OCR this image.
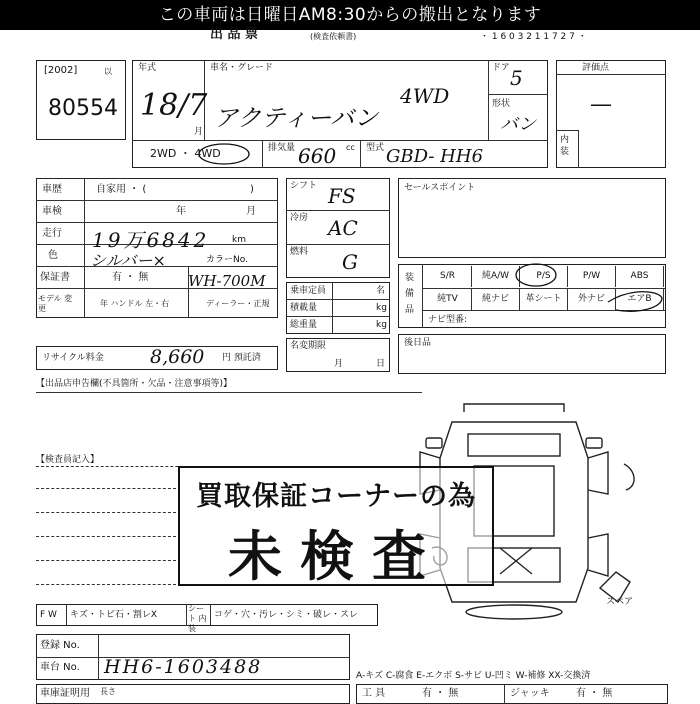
この車両は日曜日AM8:30からの搬出となります
出 品 票	(検査依頼書)	・ 1 6 0 3 2 1 1 7 2 7 ・
[2002]	以
80554
年式
18/7
月
車名・グレード
アクティーバン
4WD
ドア 5
形状
バン
2WD ・ 4WD	排気量 660 cc 型式 GBD- HH6
評価点
—
内装
車歴	自家用 ・ (	)
車検	年	月
走行 19万6842	km
色 シルバー×	カラーNo.
保証書	有 ・ 無	WH-700M
モデル 変更
年 ハンドル 左・右	ディーラー・正規
リサイクル料金 8,660 円 預託済
シフト FS
冷房 AC
燃料 G
乗車定員	名
積載量	kg
総重量	kg
名変期限
月	日
セールスポイント
装備品
S/R	純A/W	P/S	P/W	ABS
純TV	純ナビ	革シート	外ナビ	エアB
ナビ型番:
後日品
【出品店申告欄(不具箇所・欠品・注意事項等)】
【検査員記入】
スペア
買取保証コーナーの為
未検査
F W キズ・トビ石・割レX
シート 内装
コゲ・穴・汚レ・シミ・破レ・スレ
登録 No.
車台 No. HH6-1603488
車庫証明用 長さ
A-キズ C-腐食 E-エクボ S-サビ U-凹ミ W-補修 XX-交換済
工 具	有 ・ 無	ジャッキ	有 ・ 無
